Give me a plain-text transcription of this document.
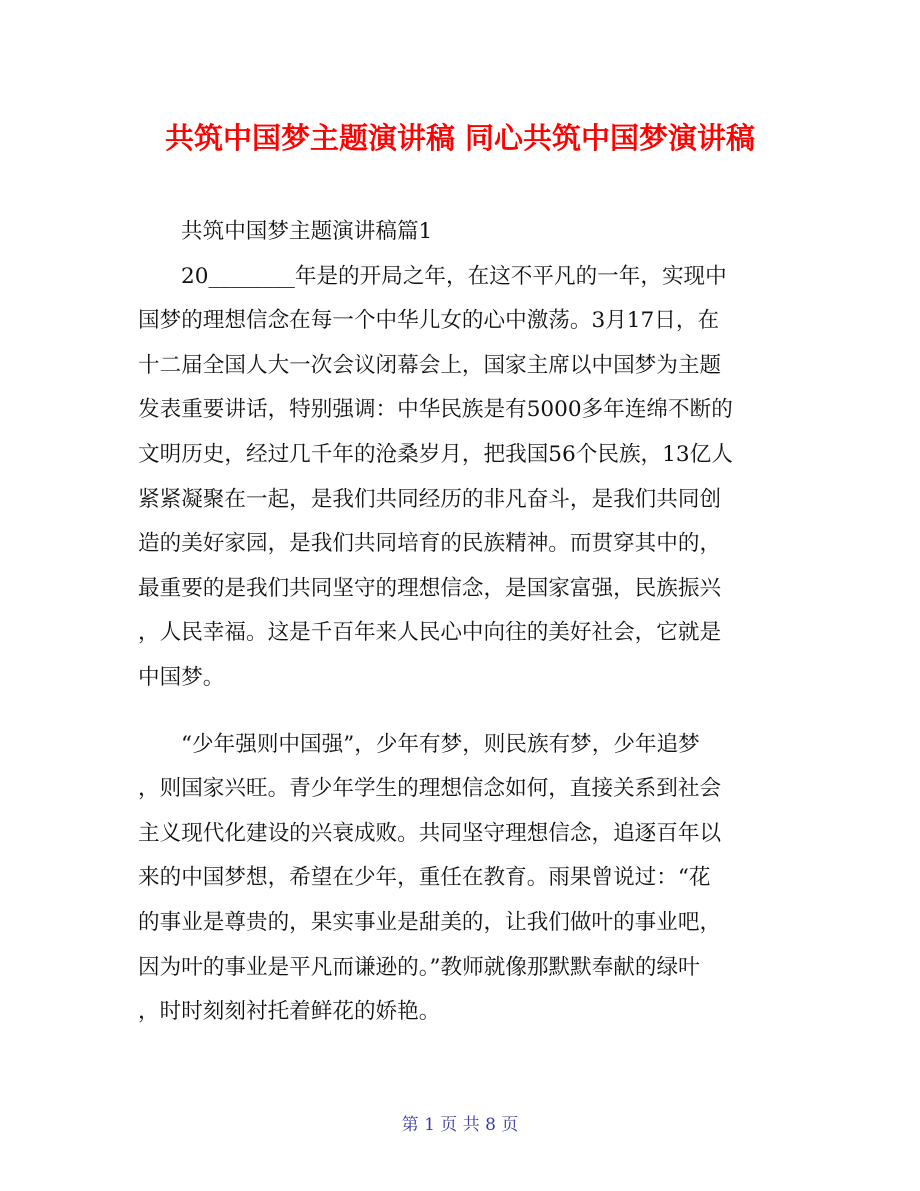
共筑中国梦主题演讲稿 同心共筑中国梦演讲稿
共筑中国梦主题演讲稿篇1
20________年是的开局之年，在这不平凡的一年，实现中
国梦的理想信念在每一个中华儿女的心中激荡。3月17日，在
十二届全国人大一次会议闭幕会上，国家主席以中国梦为主题
发表重要讲话，特别强调：中华民族是有5000多年连绵不断的
文明历史，经过几千年的沧桑岁月，把我国56个民族，13亿人
紧紧凝聚在一起，是我们共同经历的非凡奋斗，是我们共同创
造的美好家园，是我们共同培育的民族精神。而贯穿其中的，
最重要的是我们共同坚守的理想信念，是国家富强，民族振兴
，人民幸福。这是千百年来人民心中向往的美好社会，它就是
中国梦。
“少年强则中国强”，少年有梦，则民族有梦，少年追梦
，则国家兴旺。青少年学生的理想信念如何，直接关系到社会
主义现代化建设的兴衰成败。共同坚守理想信念，追逐百年以
来的中国梦想，希望在少年，重任在教育。雨果曾说过：“花
的事业是尊贵的，果实事业是甜美的，让我们做叶的事业吧，
因为叶的事业是平凡而谦逊的。”教师就像那默默奉献的绿叶
，时时刻刻衬托着鲜花的娇艳。
第 1 页 共 8 页
